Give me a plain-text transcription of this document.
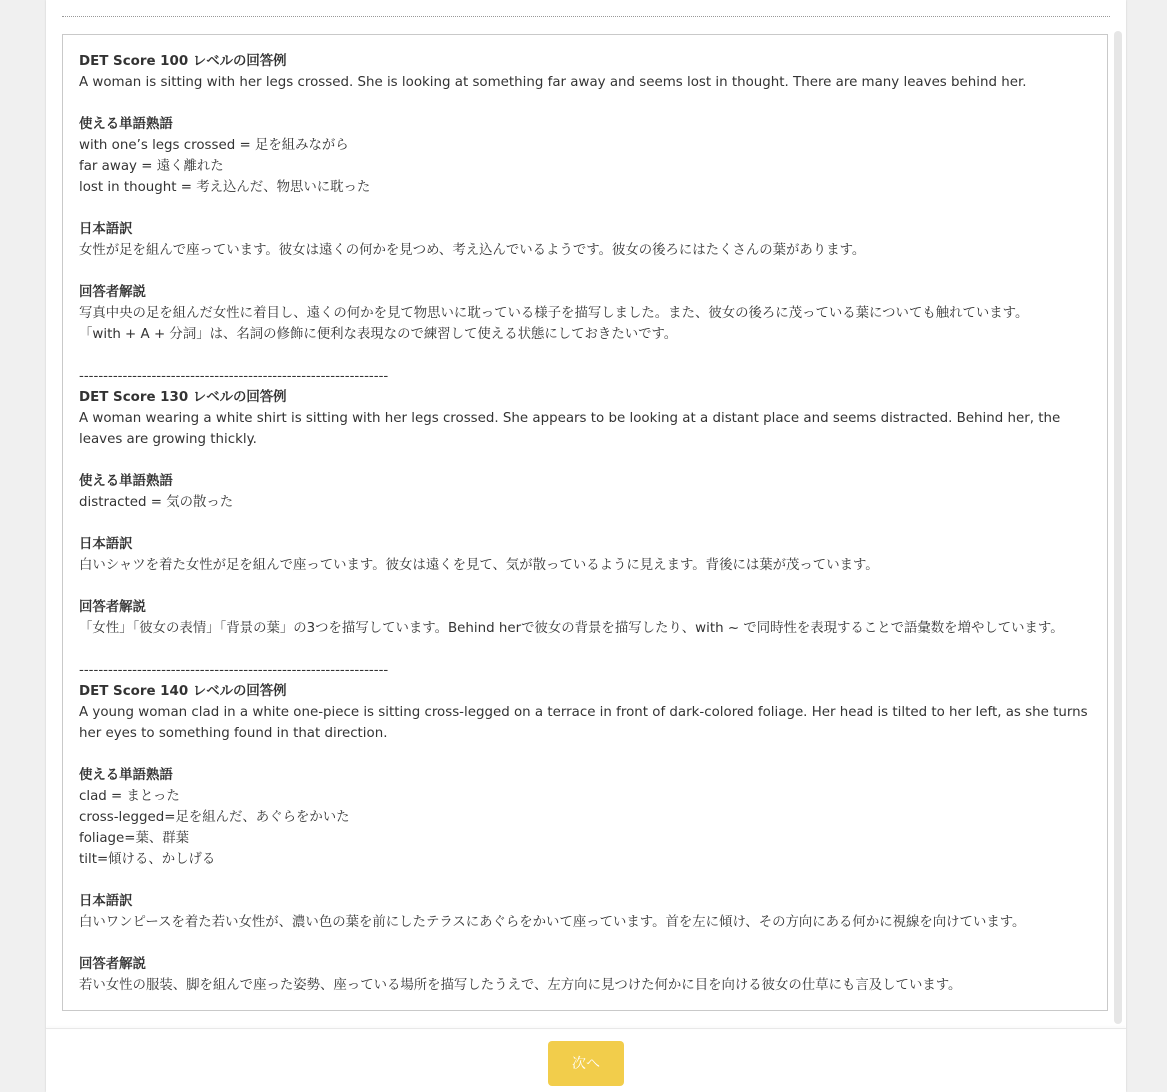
DET Score 100 レベルの回答例
A woman is sitting with her legs crossed. She is looking at something far away and seems lost in thought. There are many leaves behind her.
使える単語熟語
with one’s legs crossed = 足を組みながら
far away = 遠く離れた
lost in thought = 考え込んだ、物思いに耽った
日本語訳
女性が足を組んで座っています。彼女は遠くの何かを見つめ、考え込んでいるようです。彼女の後ろにはたくさんの葉があります。
回答者解説
写真中央の足を組んだ女性に着目し、遠くの何かを見て物思いに耽っている様子を描写しました。また、彼女の後ろに茂っている葉についても触れています。
「with + A + 分詞」は、名詞の修飾に便利な表現なので練習して使える状態にしておきたいです。
----------------------------------------------------------------
DET Score 130 レベルの回答例
A woman wearing a white shirt is sitting with her legs crossed. She appears to be looking at a distant place and seems distracted. Behind her, the leaves are growing thickly.
使える単語熟語
distracted = 気の散った
日本語訳
白いシャツを着た女性が足を組んで座っています。彼女は遠くを見て、気が散っているように見えます。背後には葉が茂っています。
回答者解説
「女性」「彼女の表情」「背景の葉」の3つを描写しています。Behind herで彼女の背景を描写したり、with ~ で同時性を表現することで語彙数を増やしています。
----------------------------------------------------------------
DET Score 140 レベルの回答例
A young woman clad in a white one-piece is sitting cross-legged on a terrace in front of dark-colored foliage. Her head is tilted to her left, as she turns her eyes to something found in that direction.
使える単語熟語
clad = まとった
cross-legged=足を組んだ、あぐらをかいた
foliage=葉、群葉
tilt=傾ける、かしげる
日本語訳
白いワンピースを着た若い女性が、濃い色の葉を前にしたテラスにあぐらをかいて座っています。首を左に傾け、その方向にある何かに視線を向けています。
回答者解説
若い女性の服装、脚を組んで座った姿勢、座っている場所を描写したうえで、左方向に見つけた何かに目を向ける彼女の仕草にも言及しています。
次へ
